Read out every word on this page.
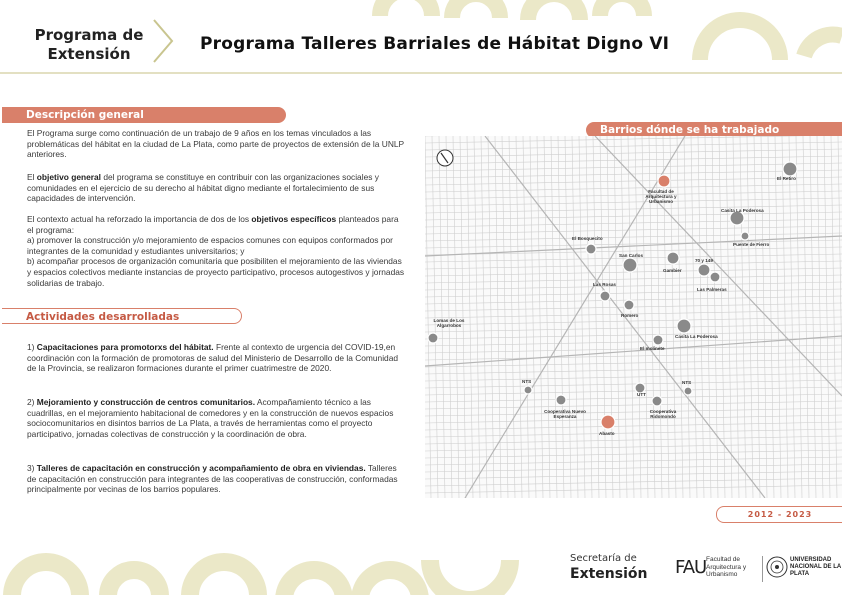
Programa de
Extensión	Programa Talleres Barriales de Hábitat Digno VI
Descripción general

El Programa surge como continuación de un trabajo de 9 años en los temas vinculados a las problemáticas del hábitat en la ciudad de La Plata, como parte de proyectos de extensión de la UNLP anteriores.

El objetivo general del programa se constituye en contribuir con las organizaciones sociales y comunidades en el ejercicio de su derecho al hábitat digno mediante el fortalecimiento de sus capacidades de intervención.

El contexto actual ha reforzado la importancia de dos de los objetivos específicos planteados para el programa:

a) promover la construcción y/o mejoramiento de espacios comunes con equipos conformados por integrantes de la comunidad y estudiantes universitarios; y

b) acompañar procesos de organización comunitaria que posibiliten el mejoramiento de las viviendas y espacios colectivos mediante instancias de proyecto participativo, procesos autogestivos y jornadas solidarias de trabajo.

Actividades desarrolladas

1) Capacitaciones para promotorxs del hábitat. Frente al contexto de urgencia del COVID-19,en coordinación con la formación de promotoras de salud del Ministerio de Desarrollo de la Comunidad de la Provincia, se realizaron formaciones durante el primer cuatrimestre de 2020.

2) Mejoramiento y construcción de centros comunitarios. Acompañamiento técnico a las cuadrillas, en el mejoramiento habitacional de comedores y en la construcción de nuevos espacios sociocomunitarios en disintos barrios de La Plata, a través de herramientas como el proyecto participativo, jornadas colectivas de construcción y la coordinación de obra.

3) Talleres de capacitación en construcción y acompañamiento de obra en viviendas. Talleres de capacitación en construcción para integrantes de las cooperativas de construcción, conformadas principalmente por vecinas de los barrios populares.

Barrios dónde se ha trabajado
El Retiro
Facultad de Arquitectura y Urbanismo
Casita La Poderosa
El Bosquecito
San Carlos
Gambier
70 y 149
Puente de Fierro
Las Rosas
Las Palmeras
Romero
Lomas de Los Algarrobos
El molinete
Casita La Poderosa
NTS
UTT
NTS
Cooperativa Nuevo Esperanza
Cooperativa Ridomondo
Abasto
2012 - 2023
Secretaría de
Extensión FAU Facultad de Arquitectura y Urbanismo
UNIVERSIDAD NACIONAL DE LA PLATA
